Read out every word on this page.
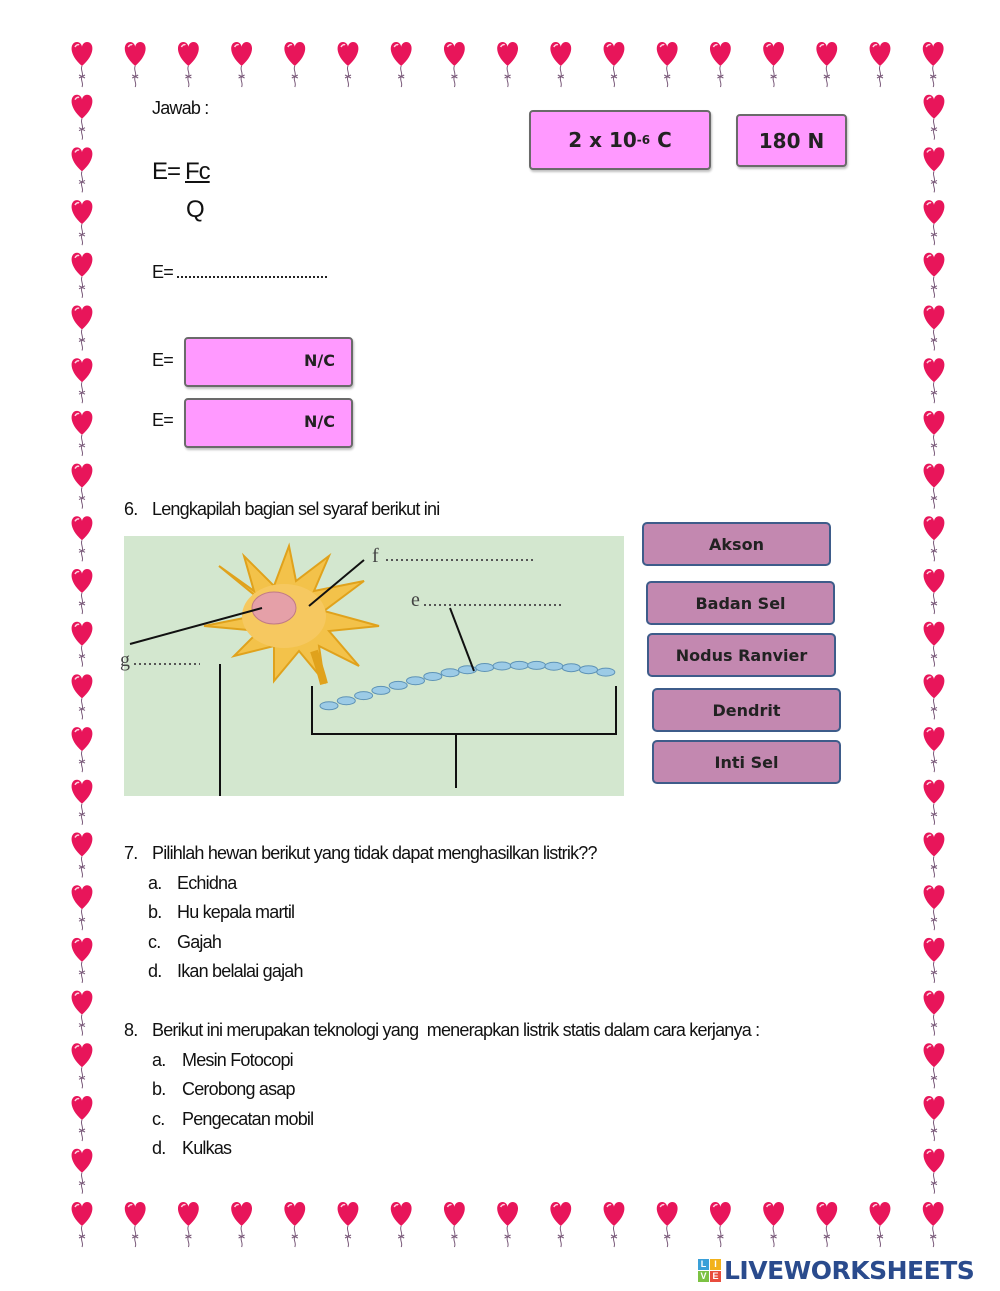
Jawab :
E= Fc
Q
E=
2 x 10 -6 C	180 N
E=	N/C
E=	N/C
6. Lengkapilah bagian sel syaraf berikut ini
f
e
g
Akson
Badan Sel
Nodus Ranvier
Dendrit
Inti Sel
7. Pilihlah hewan berikut yang tidak dapat menghasilkan listrik??
a. Echidna
b. Hu kepala martil
c. Gajah
d. Ikan belalai gajah
8. Berikut ini merupakan teknologi yang  menerapkan listrik statis dalam cara kerjanya :
a. Mesin Fotocopi
b. Cerobong asap
c. Pengecatan mobil
d. Kulkas
L I
V E LIVEWORKSHEETS
